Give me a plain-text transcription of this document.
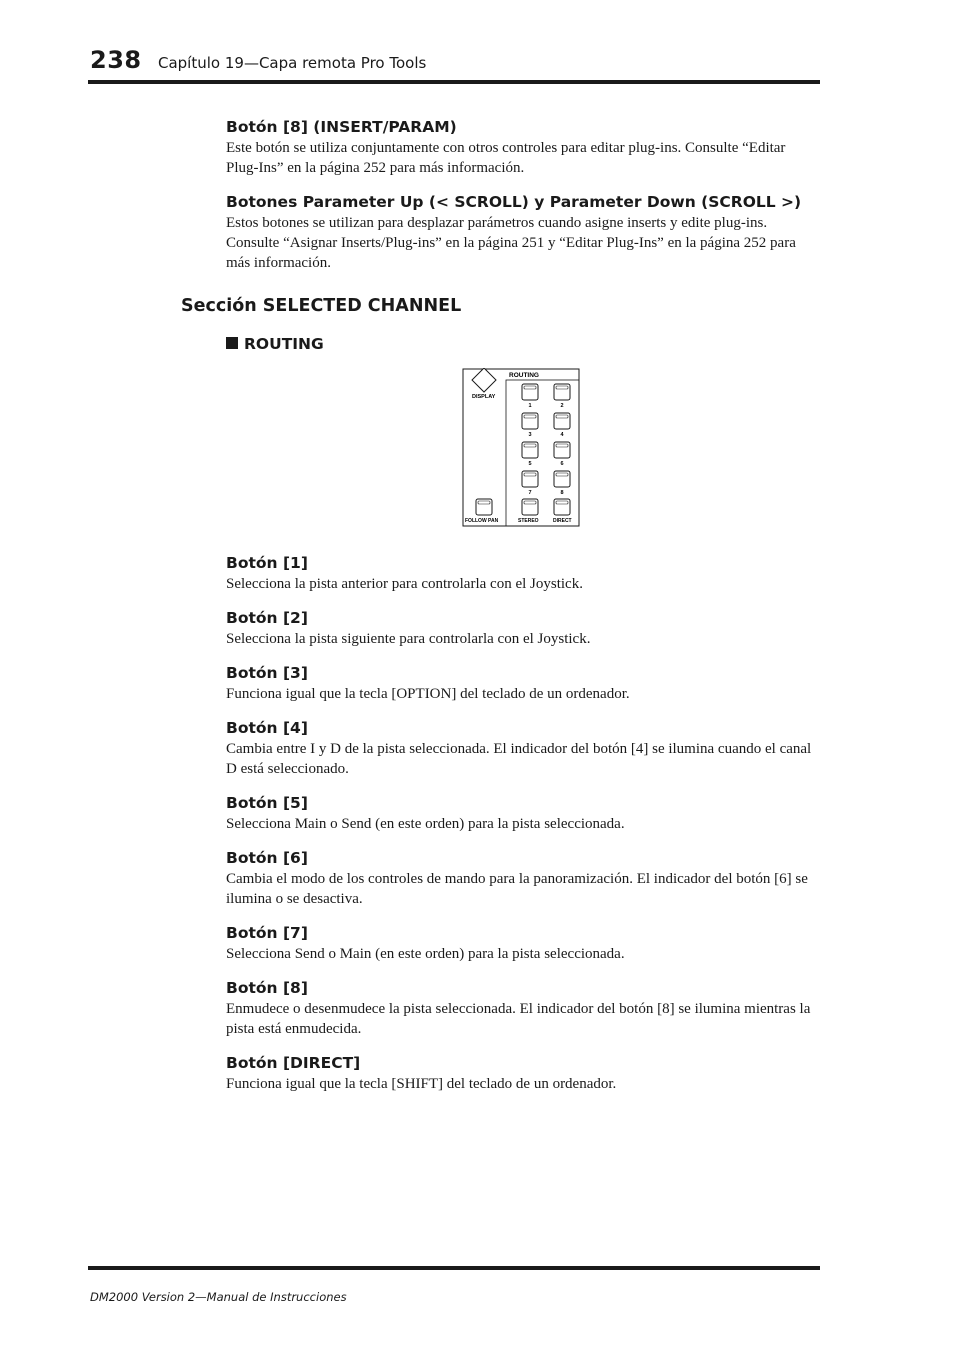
238 Capítulo 19—Capa remota Pro Tools
Botón [8] (INSERT/PARAM)

Este botón se utiliza conjuntamente con otros controles para editar plug-ins. Consulte “Editar Plug-Ins” en la página 252 para más información.

Botones Parameter Up (< SCROLL) y Parameter Down (SCROLL >)

Estos botones se utilizan para desplazar parámetros cuando asigne inserts y edite plug-ins. Consulte “Asignar Inserts/Plug-ins” en la página 251 y “Editar Plug-Ins” en la página 252 para más información.

Sección SELECTED CHANNEL
ROUTING
ROUTING
DISPLAY
1	2
3	4
5	6
7	8
FOLLOW PAN	STEREO	DIRECT
Botón [1]

Selecciona la pista anterior para controlarla con el Joystick.

Botón [2]

Selecciona la pista siguiente para controlarla con el Joystick.

Botón [3]

Funciona igual que la tecla [OPTION] del teclado de un ordenador.

Botón [4]

Cambia entre I y D de la pista seleccionada. El indicador del botón [4] se ilumina cuando el canal D está seleccionado.

Botón [5]

Selecciona Main o Send (en este orden) para la pista seleccionada.

Botón [6]

Cambia el modo de los controles de mando para la panoramización. El indicador del botón [6] se ilumina o se desactiva.

Botón [7]

Selecciona Send o Main (en este orden) para la pista seleccionada.

Botón [8]

Enmudece o desenmudece la pista seleccionada. El indicador del botón [8] se ilumina mientras la pista está enmudecida.

Botón [DIRECT]

Funciona igual que la tecla [SHIFT] del teclado de un ordenador.

DM2000 Version 2—Manual de Instrucciones
